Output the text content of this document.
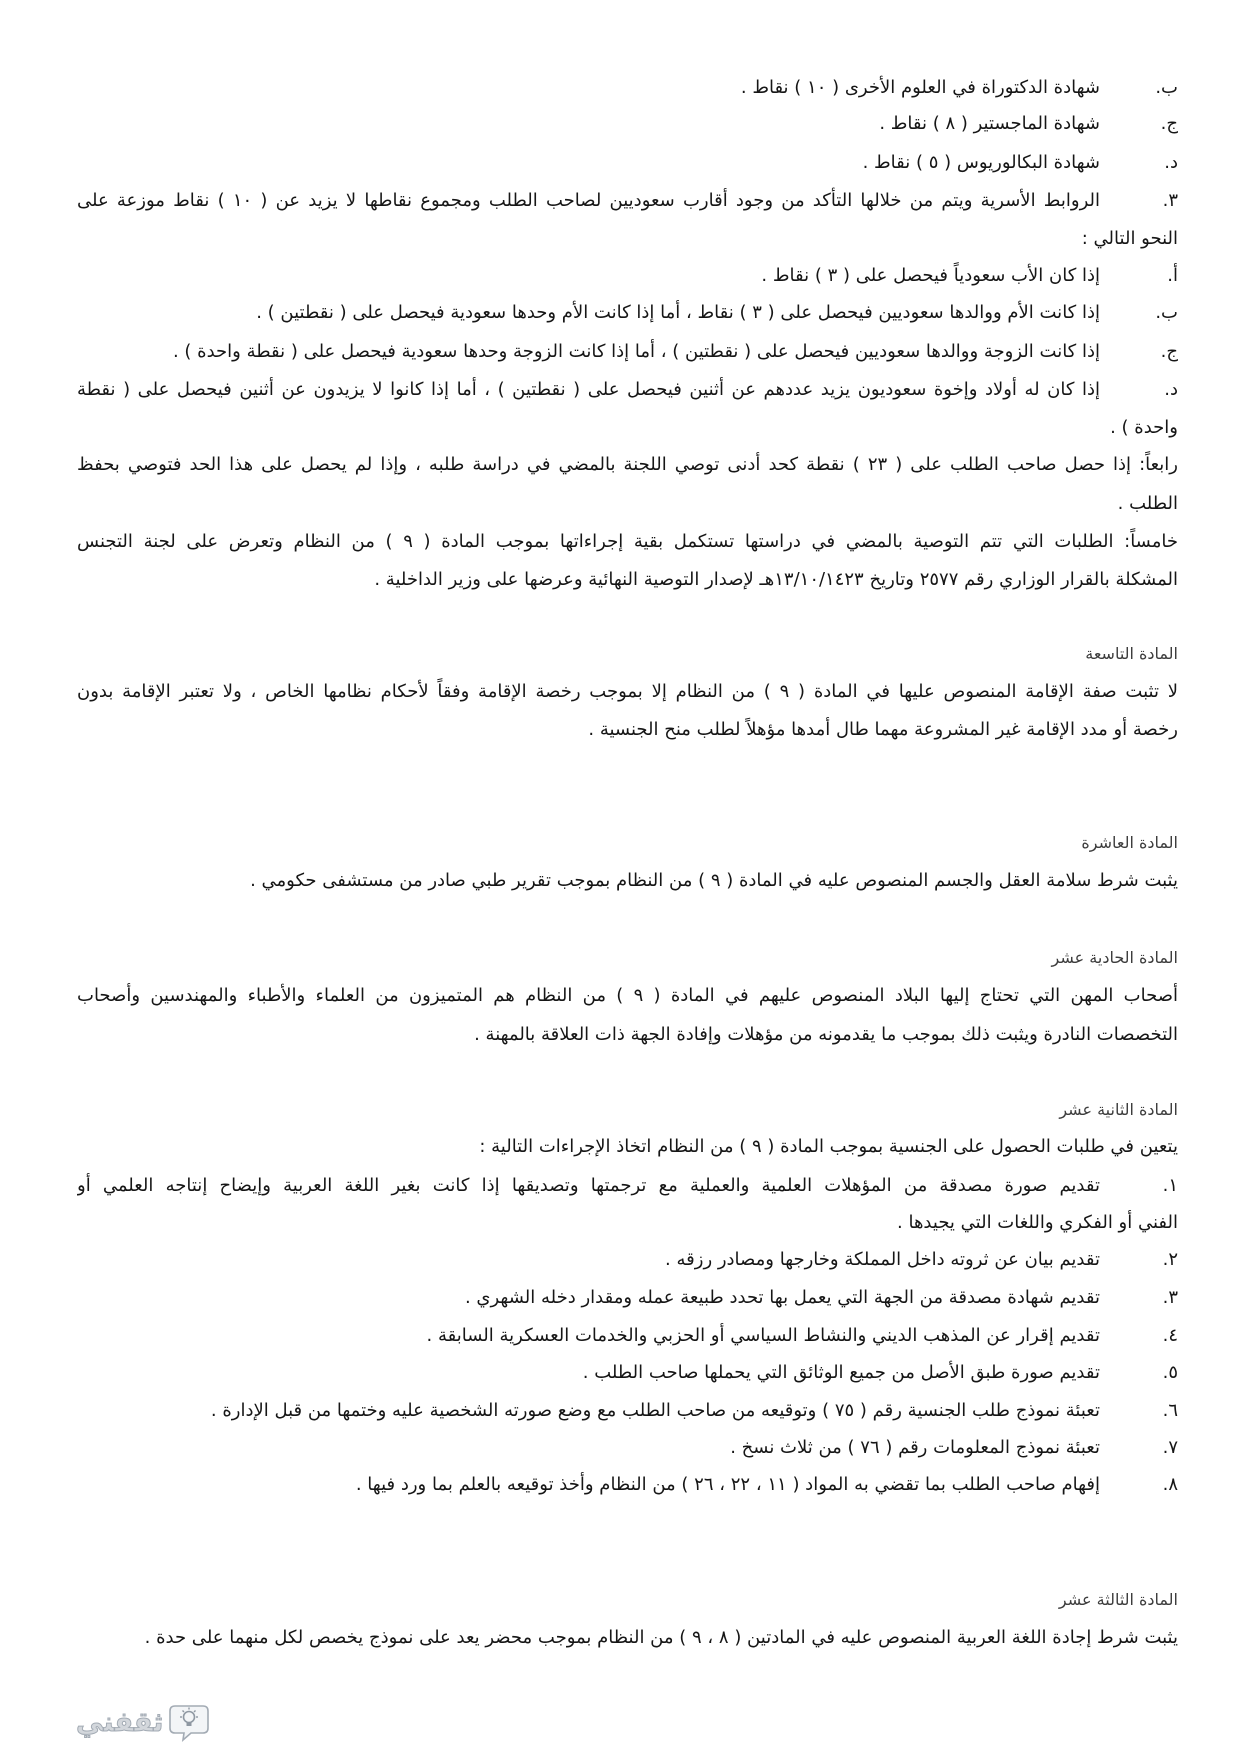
ب.
شهادة الدكتوراة في العلوم الأخرى ( ١٠ ) نقاط .
ج.
شهادة الماجستير ( ٨ ) نقاط .
د.
شهادة البكالوريوس ( ٥ ) نقاط .
٣.
الروابط الأسرية ويتم من خلالها التأكد من وجود أقارب سعوديين لصاحب الطلب ومجموع نقاطها لا يزيد عن ( ١٠ ) نقاط موزعة على
النحو التالي :
أ.
إذا كان الأب سعودياً فيحصل على ( ٣ ) نقاط .
ب.
إذا كانت الأم ووالدها سعوديين فيحصل على ( ٣ ) نقاط ، أما إذا كانت الأم وحدها سعودية فيحصل على ( نقطتين ) .
ج.
إذا كانت الزوجة ووالدها سعوديين فيحصل على ( نقطتين ) ، أما إذا كانت الزوجة وحدها سعودية فيحصل على ( نقطة واحدة ) .
د.
إذا كان له أولاد وإخوة سعوديون يزيد عددهم عن أثنين فيحصل على ( نقطتين ) ، أما إذا كانوا لا يزيدون عن أثنين فيحصل على ( نقطة
واحدة ) .
رابعاً: إذا حصل صاحب الطلب على ( ٢٣ ) نقطة كحد أدنى توصي اللجنة بالمضي في دراسة طلبه ، وإذا لم يحصل على هذا الحد فتوصي بحفظ
الطلب .
خامساً: الطلبات التي تتم التوصية بالمضي في دراستها تستكمل بقية إجراءاتها بموجب المادة ( ٩ ) من النظام وتعرض على لجنة التجنس
المشكلة بالقرار الوزاري رقم ٢٥٧٧ وتاريخ ١٣/١٠/١٤٢٣هـ لإصدار التوصية النهائية وعرضها على وزير الداخلية .
المادة التاسعة
لا تثبت صفة الإقامة المنصوص عليها في المادة ( ٩ ) من النظام إلا بموجب رخصة الإقامة وفقاً لأحكام نظامها الخاص ، ولا تعتبر الإقامة بدون
رخصة أو مدد الإقامة غير المشروعة مهما طال أمدها مؤهلاً لطلب منح الجنسية .
المادة العاشرة
يثبت شرط سلامة العقل والجسم المنصوص عليه في المادة ( ٩ ) من النظام بموجب تقرير طبي صادر من مستشفى حكومي .
المادة الحادية عشر
أصحاب المهن التي تحتاج إليها البلاد المنصوص عليهم في المادة ( ٩ ) من النظام هم المتميزون من العلماء والأطباء والمهندسين وأصحاب
التخصصات النادرة ويثبت ذلك بموجب ما يقدمونه من مؤهلات وإفادة الجهة ذات العلاقة بالمهنة .
المادة الثانية عشر
يتعين في طلبات الحصول على الجنسية بموجب المادة ( ٩ ) من النظام اتخاذ الإجراءات التالية :
١.
تقديم صورة مصدقة من المؤهلات العلمية والعملية مع ترجمتها وتصديقها إذا كانت بغير اللغة العربية وإيضاح إنتاجه العلمي أو
الفني أو الفكري واللغات التي يجيدها .
٢.
تقديم بيان عن ثروته داخل المملكة وخارجها ومصادر رزقه .
٣.
تقديم شهادة مصدقة من الجهة التي يعمل بها تحدد طبيعة عمله ومقدار دخله الشهري .
٤.
تقديم إقرار عن المذهب الديني والنشاط السياسي أو الحزبي والخدمات العسكرية السابقة .
٥.
تقديم صورة طبق الأصل من جميع الوثائق التي يحملها صاحب الطلب .
٦.
تعبئة نموذج طلب الجنسية رقم ( ٧٥ ) وتوقيعه من صاحب الطلب مع وضع صورته الشخصية عليه وختمها من قبل الإدارة .
٧.
تعبئة نموذج المعلومات رقم ( ٧٦ ) من ثلاث نسخ .
٨.
إفهام صاحب الطلب بما تقضي به المواد ( ١١ ، ٢٢ ، ٢٦ ) من النظام وأخذ توقيعه بالعلم بما ورد فيها .
المادة الثالثة عشر
يثبت شرط إجادة اللغة العربية المنصوص عليه في المادتين ( ٨ ، ٩ ) من النظام بموجب محضر يعد على نموذج يخصص لكل منهما على حدة .
ثقفني
